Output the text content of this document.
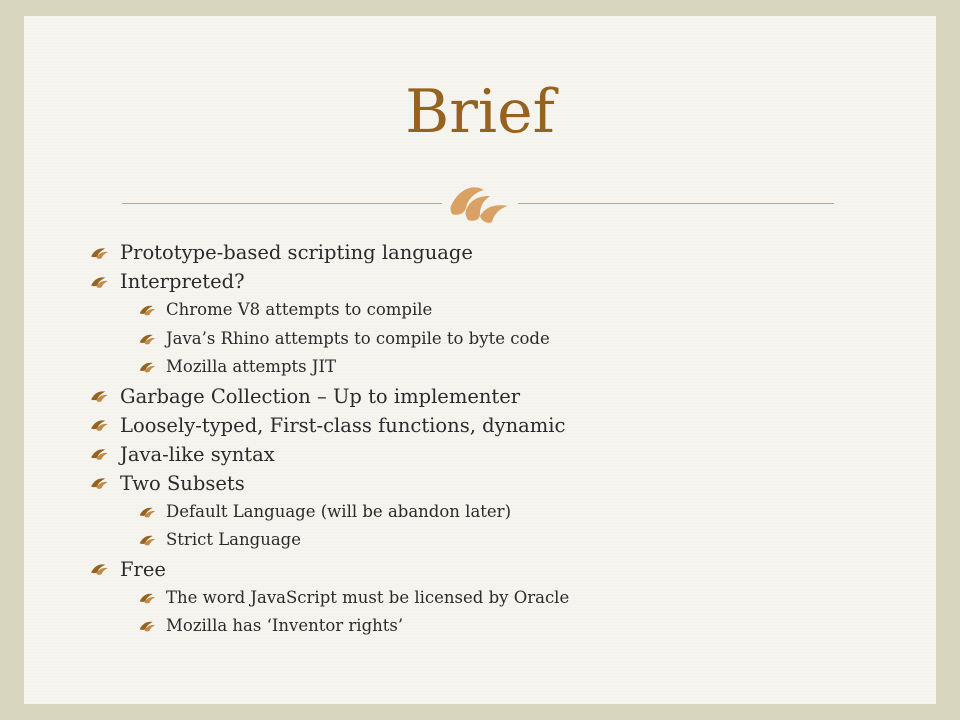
Brief
Prototype-based scripting language
Interpreted?
Chrome V8 attempts to compile
Java’s Rhino attempts to compile to byte code
Mozilla attempts JIT
Garbage Collection – Up to implementer
Loosely-typed, First-class functions, dynamic
Java-like syntax
Two Subsets
Default Language (will be abandon later)
Strict Language
Free
The word JavaScript must be licensed by Oracle
Mozilla has ‘Inventor rights’
